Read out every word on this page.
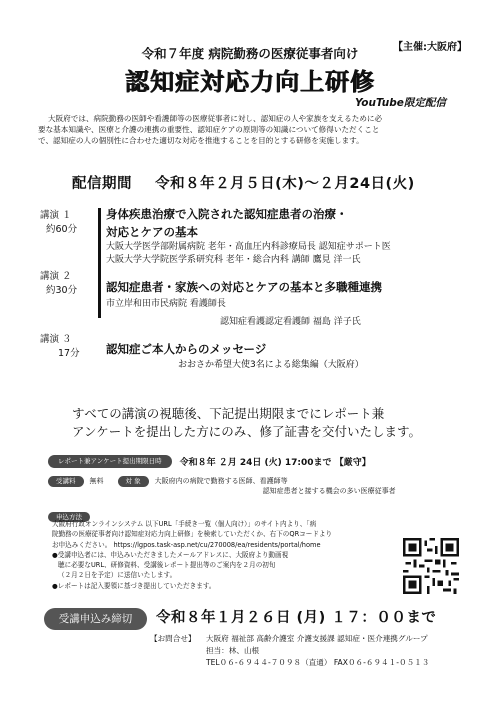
【主催:大阪府】
令和７年度 病院勤務の医療従事者向け
認知症対応力向上研修
YouTube限定配信
大阪府では、病院勤務の医師や看護師等の医療従事者に対し、認知症の人や家族を支えるために必
要な基本知識や、医療と介護の連携の重要性、認知症ケアの原則等の知識について修得いただくこと
で、認知症の人の個別性に合わせた適切な対応を推進することを目的とする研修を実施します。
配信期間 令和８年２月５日(木)～２月24日(火)
講演 １
約60分
身体疾患治療で入院された認知症患者の治療・
対応とケアの基本
大阪大学医学部附属病院 老年・高血圧内科診療局長 認知症サポート医
大阪大学大学院医学系研究科 老年・総合内科 講師 鷹見 洋一氏
講演 ２
約30分	認知症患者・家族への対応とケアの基本と多職種連携
市立岸和田市民病院 看護師長
認知症看護認定看護師 福島 洋子氏
講演 ３
17分 認知症ご本人からのメッセージ
おおさか希望大使3名による総集編（大阪府）
すべての講演の視聴後、下記提出期限までにレポート兼
アンケートを提出した方にのみ、修了証書を交付いたします。
レポート兼アンケート提出期限日時	令和８年 ２月 24日 (火) 17:00まで 【厳守】
受講料	無料	対 象	大阪府内の病院で勤務する医師、看護師等
認知症患者と接する機会の多い医療従事者
申込方法
大阪府行政オンラインシステム 以下URL「手続き一覧（個人向け）」のサイト内より、「病
院勤務の医療従事者向け認知症対応力向上研修」を検索していただくか、右下のQRコードより
お申込みください。 https://lgpos.task-asp.net/cu/270008/ea/residents/portal/home
●受講申込者には、申込みいただきましたメールアドレスに、大阪府より動画視
聴に必要なURL、研修資料、受講後レポート提出等のご案内を２月の初旬
（２月２日を予定）に送信いたします。
●レポートは記入要領に基づき提出していただきます。
受講申込み締切	令和８年１月２６日 (月) １７：００まで
【お問合せ】 大阪府 福祉部 高齢介護室 介護支援課 認知症・医介連携グループ
担当：林、山根
TEL０６-６９４４-７０９８（直通） FAX０６-６９４１-０５１３
